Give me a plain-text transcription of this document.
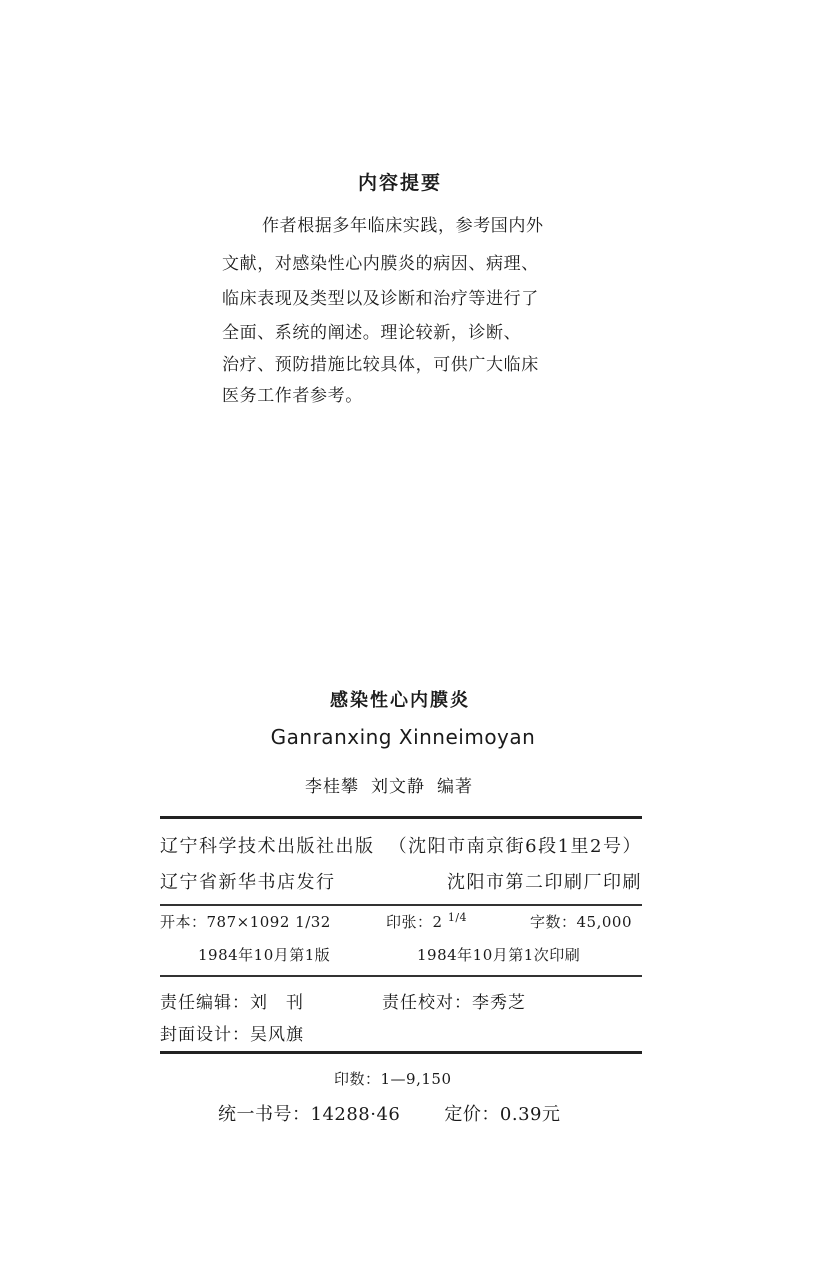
内容提要
作者根据多年临床实践，参考国内外
文献，对感染性心内膜炎的病因、病理、
临床表现及类型以及诊断和治疗等进行了
全面、系统的阐述。理论较新，诊断、
治疗、预防措施比较具体，可供广大临床
医务工作者参考。
感染性心内膜炎
Ganranxing Xinneimoyan
李桂攀 刘文静 编著
辽宁科学技术出版社出版 （沈阳市南京街6段1里2号）
辽宁省新华书店发行	沈阳市第二印刷厂印刷
开本：787×1092 1/32	印张：2 $^{1/4}$	字数：45,000
1984年10月第1版	1984年10月第1次印刷
责任编辑：刘　刊	责任校对：李秀芝
封面设计：吴风旗
印数：1—9,150
统一书号：14288·46 定价：0.39元
